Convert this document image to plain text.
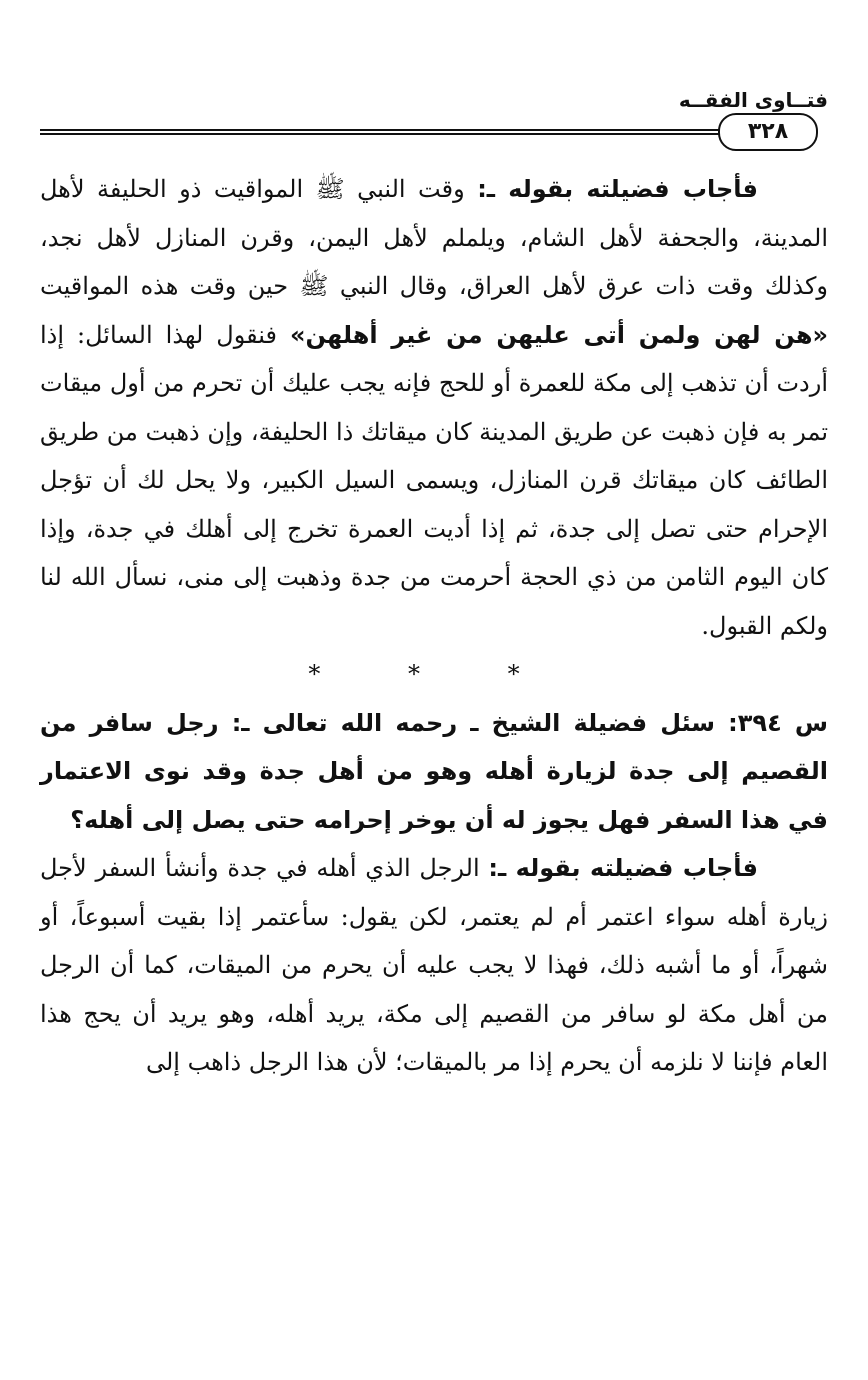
فتــاوى الفقــه
٣٢٨

فأجاب فضيلته بقوله ـ: وقت النبي ﷺ المواقيت ذو الحليفة لأهل المدينة، والجحفة لأهل الشام، ويلملم لأهل اليمن، وقرن المنازل لأهل نجد، وكذلك وقت ذات عرق لأهل العراق، وقال النبي ﷺ حين وقت هذه المواقيت «هن لهن ولمن أتى عليهن من غير أهلهن» فنقول لهذا السائل: إذا أردت أن تذهب إلى مكة للعمرة أو للحج فإنه يجب عليك أن تحرم من أول ميقات تمر به فإن ذهبت عن طريق المدينة كان ميقاتك ذا الحليفة، وإن ذهبت من طريق الطائف كان ميقاتك قرن المنازل، ويسمى السيل الكبير، ولا يحل لك أن تؤجل الإحرام حتى تصل إلى جدة، ثم إذا أديت العمرة تخرج إلى أهلك في جدة، وإذا كان اليوم الثامن من ذي الحجة أحرمت من جدة وذهبت إلى منى، نسأل الله لنا ولكم القبول.

* * *

س ٣٩٤: سئل فضيلة الشيخ ـ رحمه الله تعالى ـ: رجل سافر من القصيم إلى جدة لزيارة أهله وهو من أهل جدة وقد نوى الاعتمار في هذا السفر فهل يجوز له أن يوخر إحرامه حتى يصل إلى أهله؟

فأجاب فضيلته بقوله ـ: الرجل الذي أهله في جدة وأنشأ السفر لأجل زيارة أهله سواء اعتمر أم لم يعتمر، لكن يقول: سأعتمر إذا بقيت أسبوعاً، أو شهراً، أو ما أشبه ذلك، فهذا لا يجب عليه أن يحرم من الميقات، كما أن الرجل من أهل مكة لو سافر من القصيم إلى مكة، يريد أهله، وهو يريد أن يحج هذا العام فإننا لا نلزمه أن يحرم إذا مر بالميقات؛ لأن هذا الرجل ذاهب إلى
